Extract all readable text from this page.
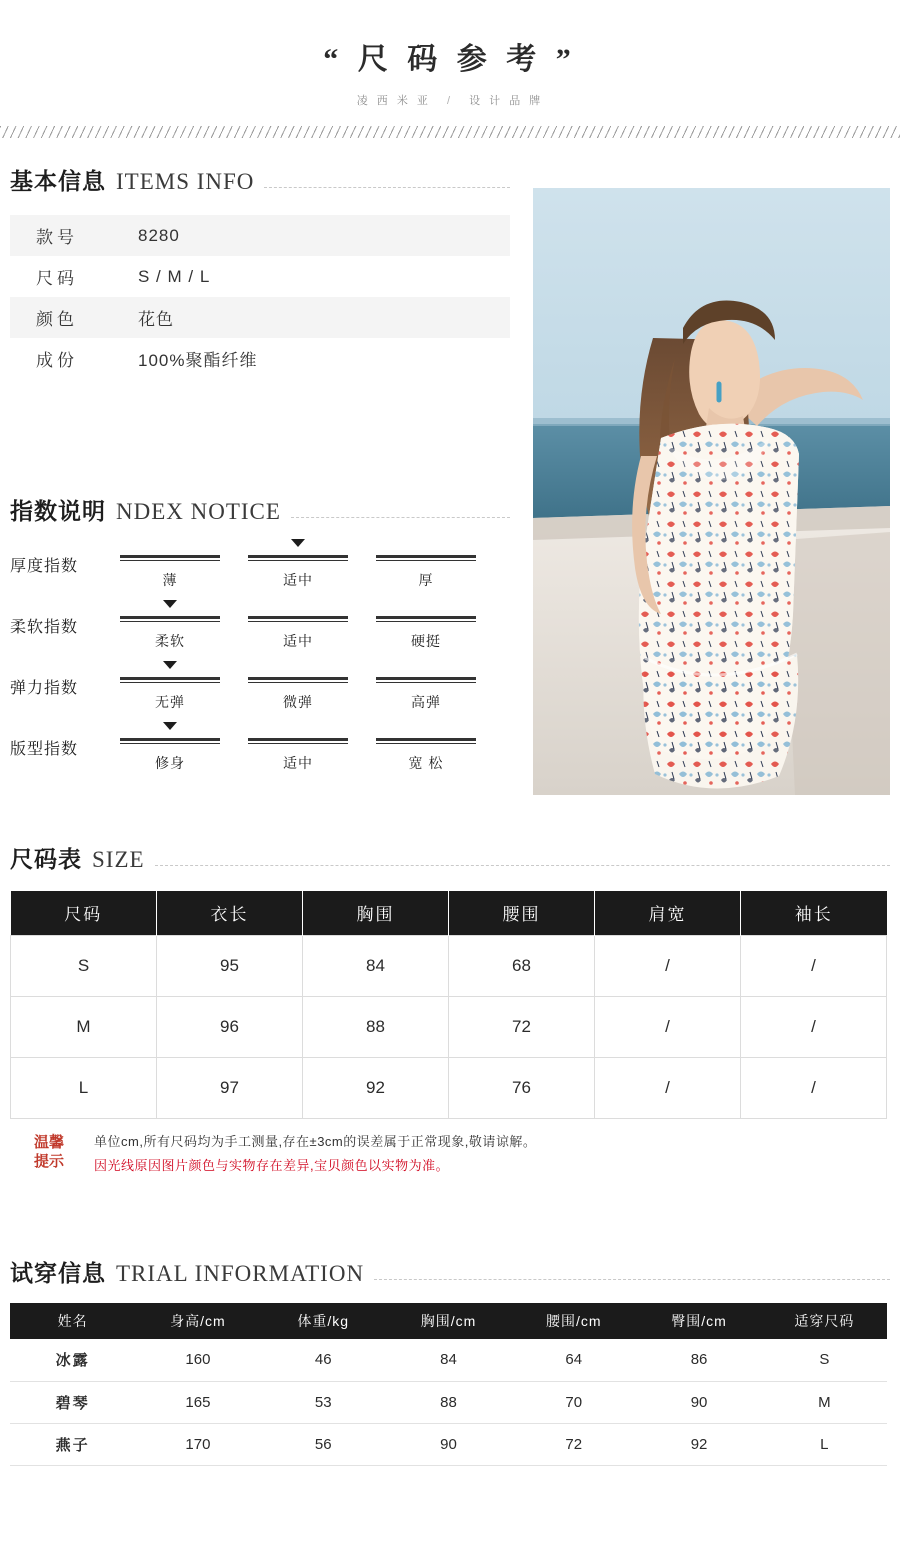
“ 尺 码 参 考 ”
凌 西 米 亚 / 设 计 品 牌
基本信息 ITEMS INFO
款号	8280
尺码	S / M / L
颜色	花色
成份	100%聚酯纤维
指数说明 NDEX NOTICE
厚度指数
薄	适中	厚
柔软指数
柔软	适中	硬挺
弹力指数
无弹	微弹	高弹
版型指数
修身	适中	宽 松
尺码表 SIZE
尺码	衣长	胸围	腰围	肩宽	袖长
S	95	84	68	/	/
M	96	88	72	/	/
L	97	92	76	/	/
温馨
提示
单位cm,所有尺码均为手工测量,存在±3cm的误差属于正常现象,敬请谅解。
因光线原因图片颜色与实物存在差异,宝贝颜色以实物为准。
试穿信息 TRIAL INFORMATION
姓名	身高/cm	体重/kg	胸围/cm	腰围/cm	臀围/cm	适穿尺码
冰露	160	46	84	64	86	S
碧琴	165	53	88	70	90	M
燕子	170	56	90	72	92	L
